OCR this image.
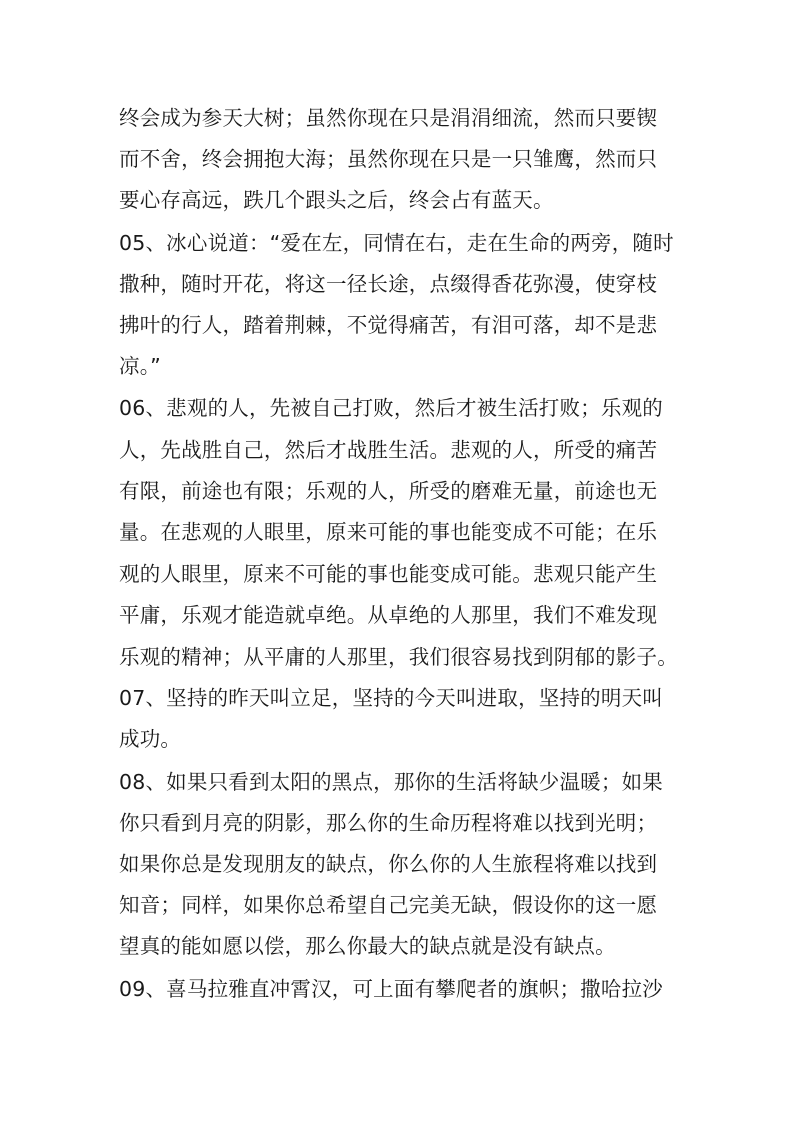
终会成为参天大树；虽然你现在只是涓涓细流，然而只要锲
而不舍，终会拥抱大海；虽然你现在只是一只雏鹰，然而只
要心存高远，跌几个跟头之后，终会占有蓝天。
05、冰心说道：“爱在左，同情在右，走在生命的两旁，随时
撒种，随时开花，将这一径长途，点缀得香花弥漫，使穿枝
拂叶的行人，踏着荆棘，不觉得痛苦，有泪可落，却不是悲
凉。”
06、悲观的人，先被自己打败，然后才被生活打败；乐观的
人，先战胜自己，然后才战胜生活。悲观的人，所受的痛苦
有限，前途也有限；乐观的人，所受的磨难无量，前途也无
量。在悲观的人眼里，原来可能的事也能变成不可能；在乐
观的人眼里，原来不可能的事也能变成可能。悲观只能产生
平庸，乐观才能造就卓绝。从卓绝的人那里，我们不难发现
乐观的精神；从平庸的人那里，我们很容易找到阴郁的影子。
07、坚持的昨天叫立足，坚持的今天叫进取，坚持的明天叫
成功。
08、如果只看到太阳的黑点，那你的生活将缺少温暖；如果
你只看到月亮的阴影，那么你的生命历程将难以找到光明；
如果你总是发现朋友的缺点，你么你的人生旅程将难以找到
知音；同样，如果你总希望自己完美无缺，假设你的这一愿
望真的能如愿以偿，那么你最大的缺点就是没有缺点。
09、喜马拉雅直冲霄汉，可上面有攀爬者的旗帜；撒哈拉沙
